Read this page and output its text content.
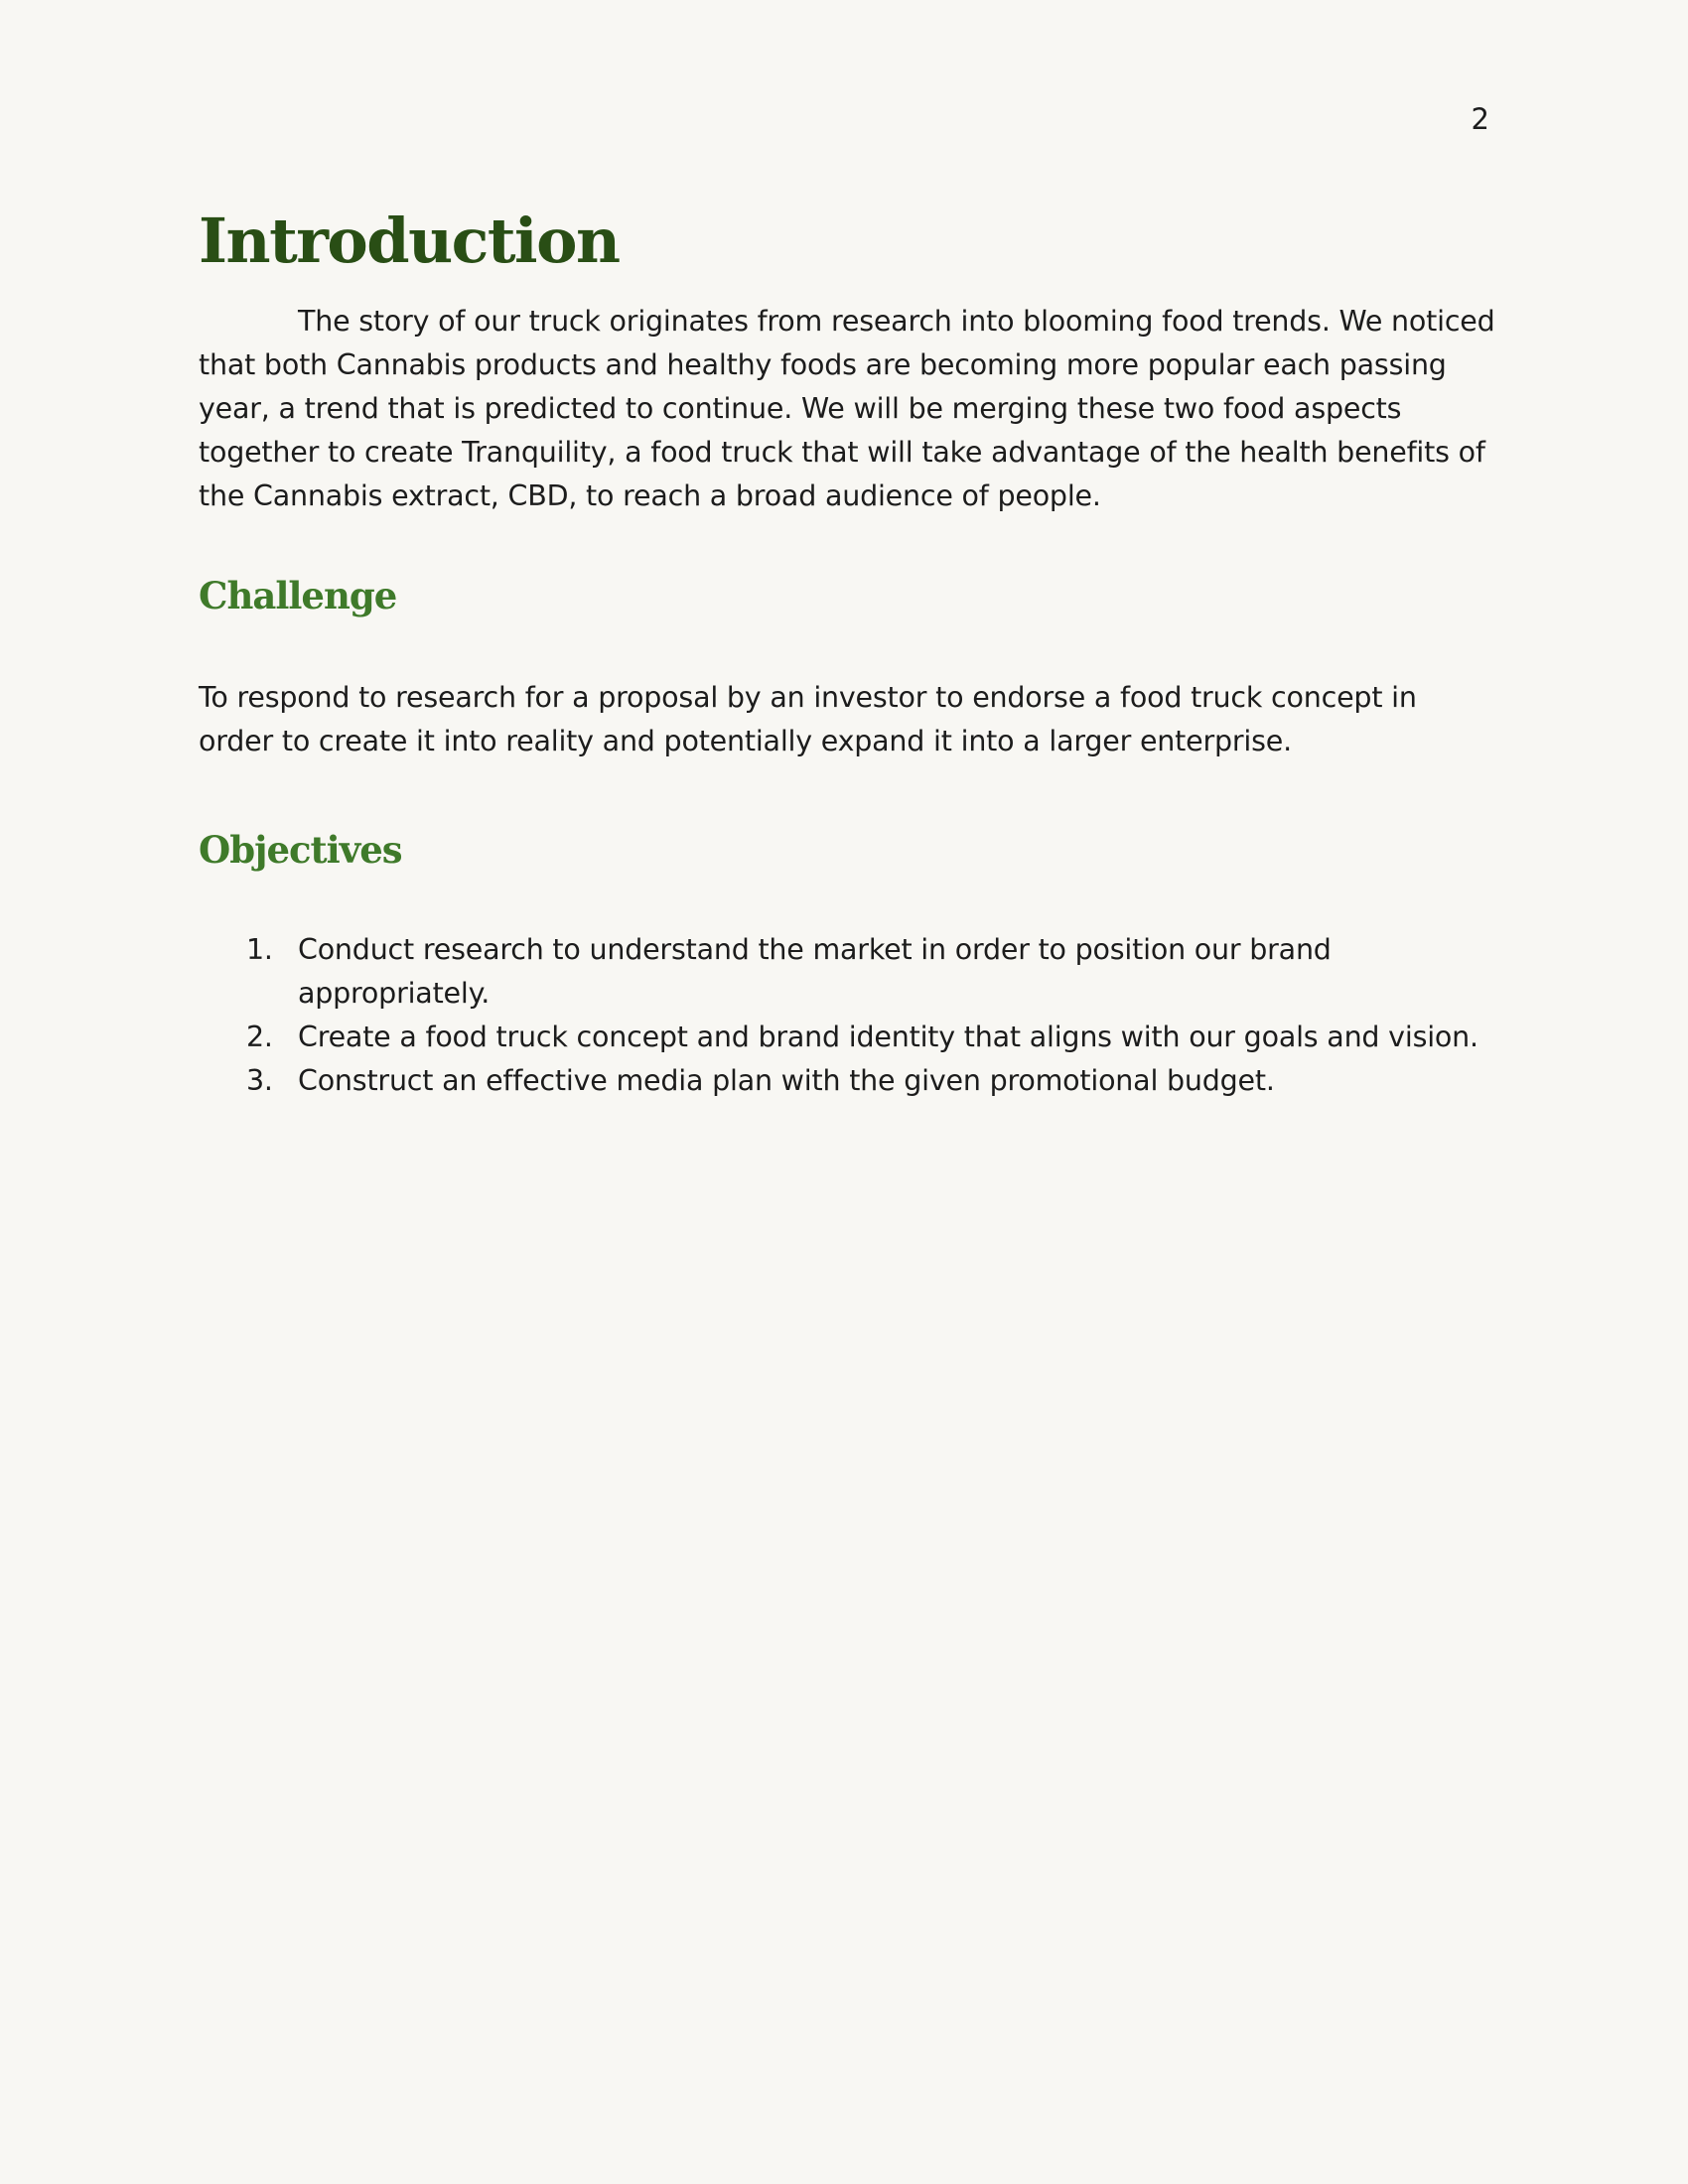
2
Introduction

The story of our truck originates from research into blooming food trends. We noticed that both Cannabis products and healthy foods are becoming more popular each passing year, a trend that is predicted to continue. We will be merging these two food aspects together to create Tranquility, a food truck that will take advantage of the health benefits of the Cannabis extract, CBD, to reach a broad audience of people.

Challenge

To respond to research for a proposal by an investor to endorse a food truck concept in order to create it into reality and potentially expand it into a larger enterprise.

Objectives
1. Conduct research to understand the market in order to position our brand appropriately.
2. Create a food truck concept and brand identity that aligns with our goals and vision.
3. Construct an effective media plan with the given promotional budget.
